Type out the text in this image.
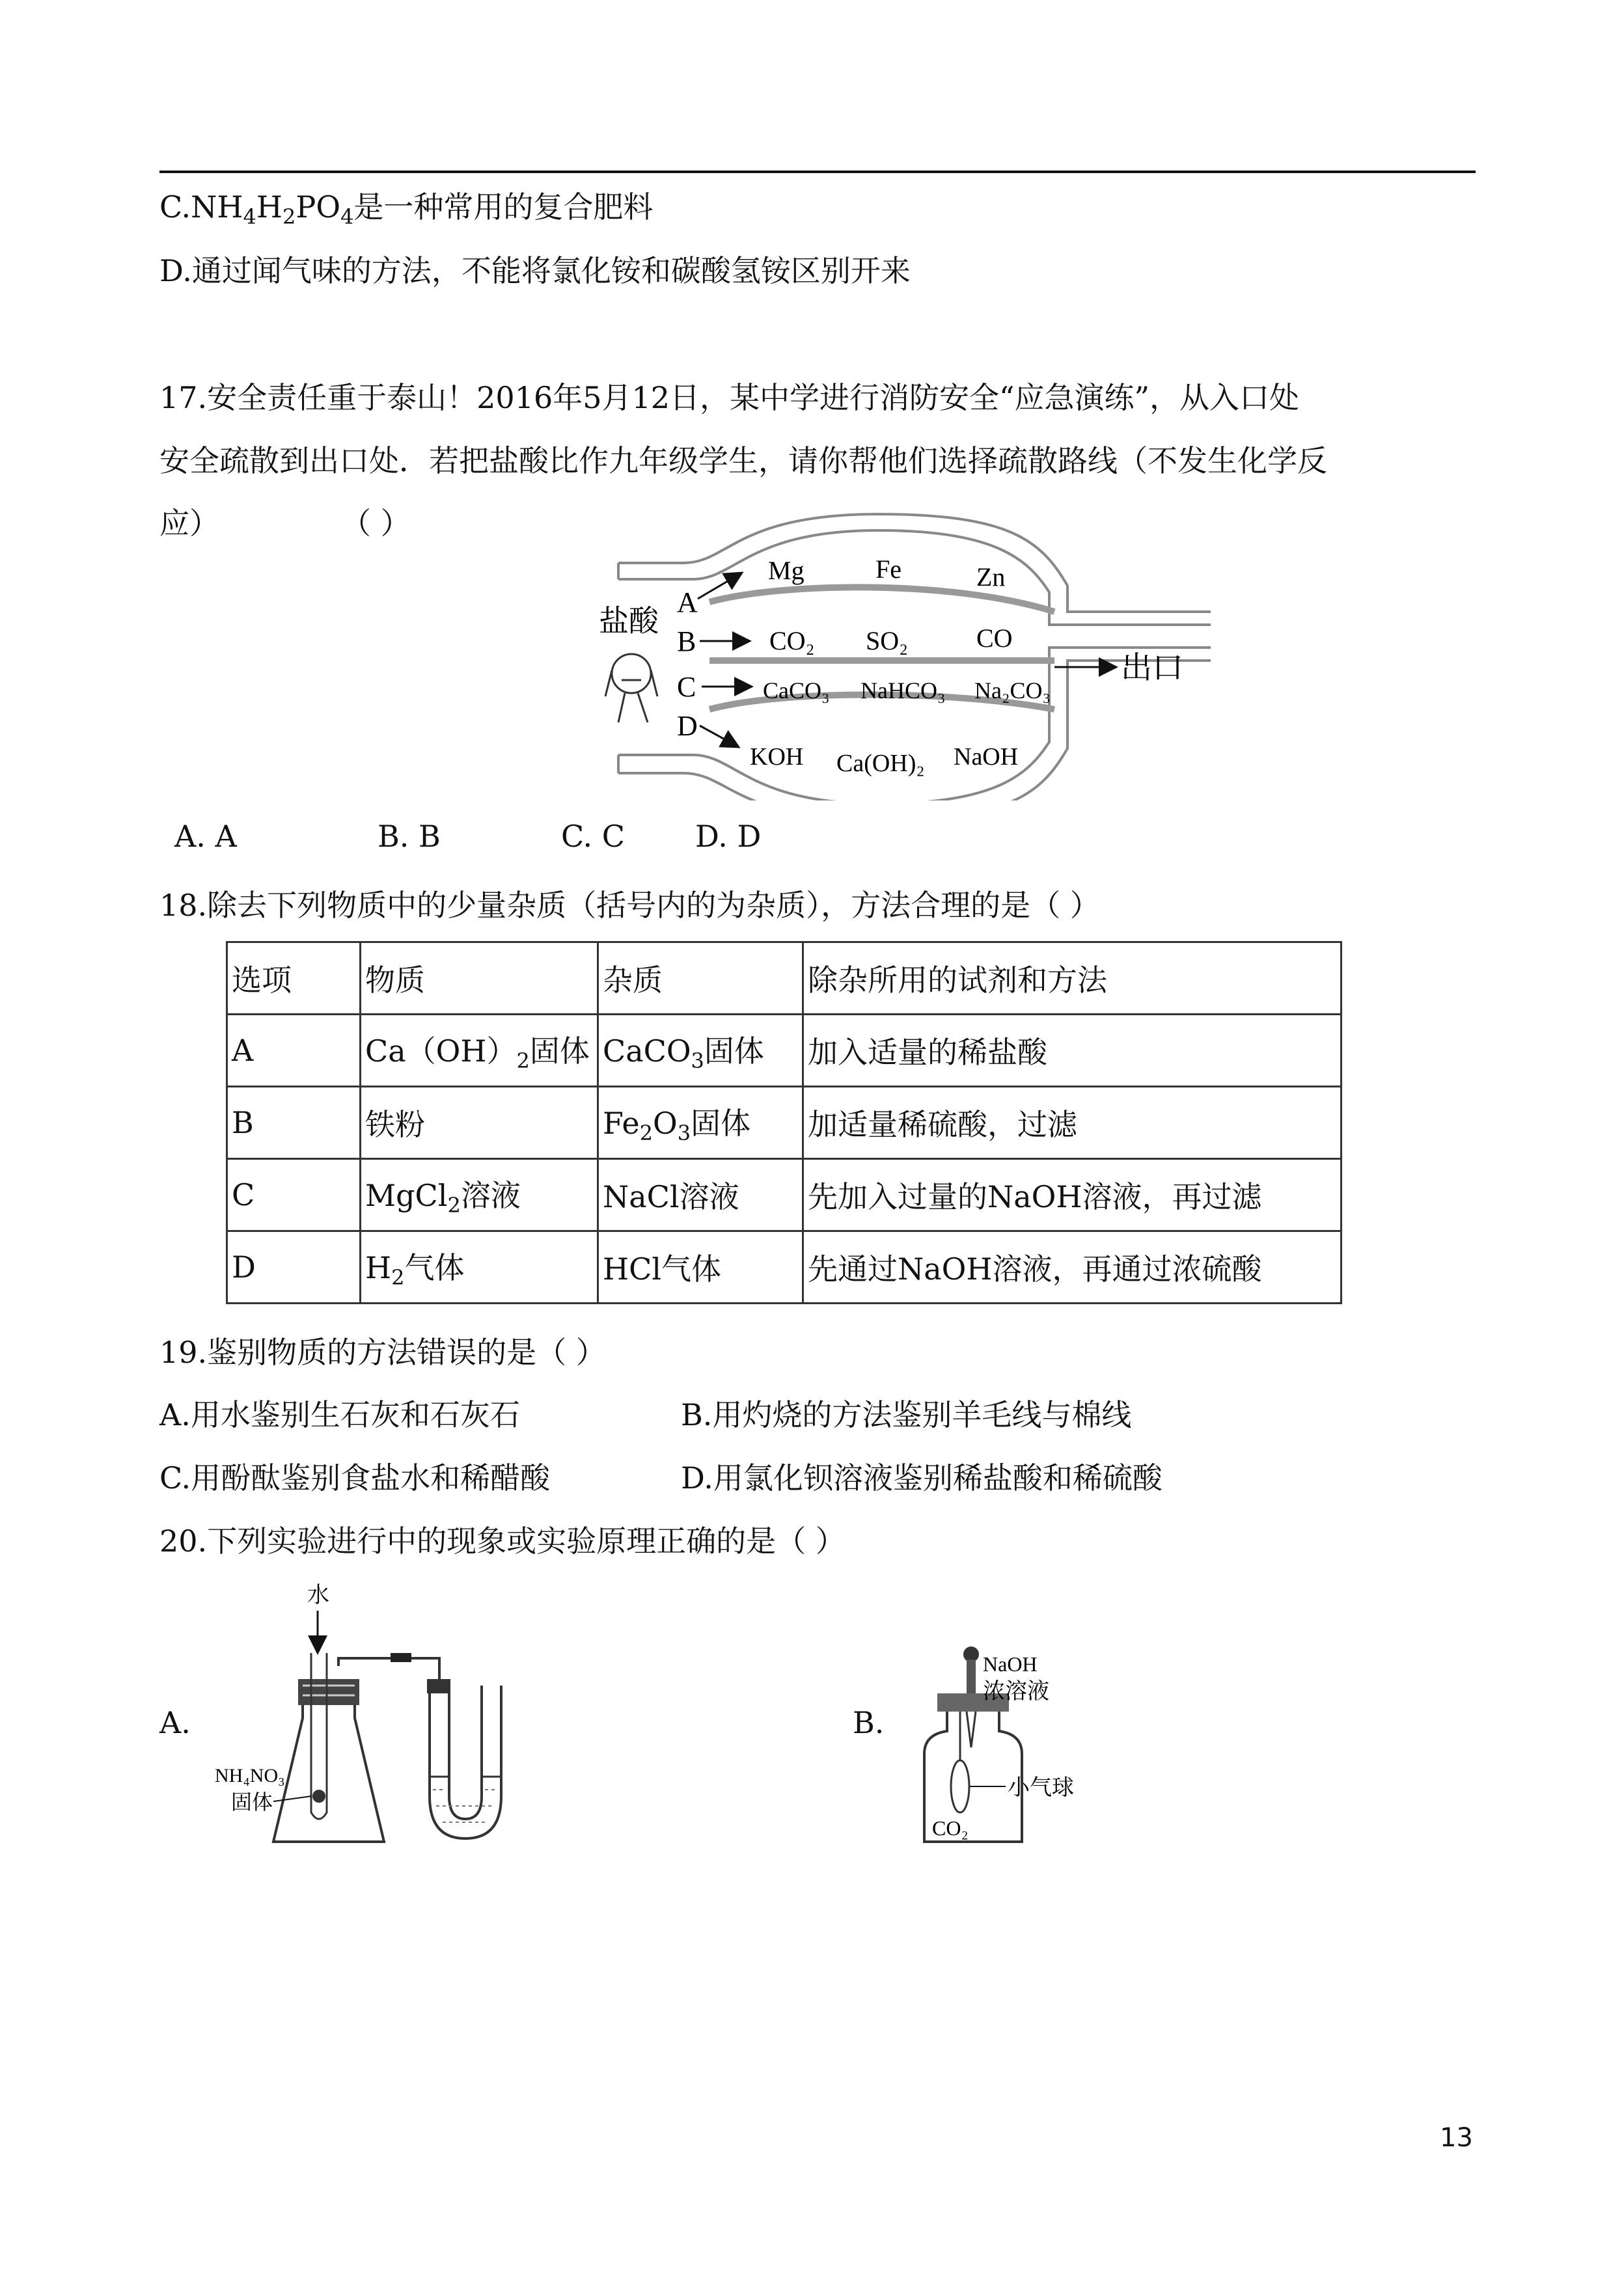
$C.NH_4H_2PO_4$是一种常用的复合肥料
D.通过闻气味的方法，不能将氯化铵和碳酸氢铵区别开来
17.安全责任重于泰山！2016年5月12日，某中学进行消防安全“应急演练”，从入口处
安全疏散到出口处．若把盐酸比作九年级学生，请你帮他们选择疏散路线（不发生化学反
应）	（ ）
盐酸
A
B
C
D
Mg	Fe	Zn
CO₂ SO₂	CO
CaCO₃ NaHCO₃ Na₂CO₃
KOH Ca(OH)₂ NaOH
出口
A. A	B. B	C. C D. D
18.除去下列物质中的少量杂质（括号内的为杂质），方法合理的是（ ）
选项	物质	杂质	除杂所用的试剂和方法
A	$Ca(OH)_2$固体	CaCO$_3$固体	加入适量的稀盐酸
B	铁粉	$Fe_2O_3$固体	加适量稀硫酸，过滤
C	MgCl$_2$溶液	NaCl溶液	先加入过量的NaOH溶液，再过滤
D	$H_2$气体	HCl气体	先通过NaOH溶液，再通过浓硫酸
19.鉴别物质的方法错误的是（ ）
A.用水鉴别生石灰和石灰石	B.用灼烧的方法鉴别羊毛线与棉线
C.用酚酞鉴别食盐水和稀醋酸	D.用氯化钡溶液鉴别稀盐酸和稀硫酸
20.下列实验进行中的现象或实验原理正确的是（ ）
A.	B.
水
NH₄NO₃
固体
NaOH
浓溶液
小气球
CO₂
13
